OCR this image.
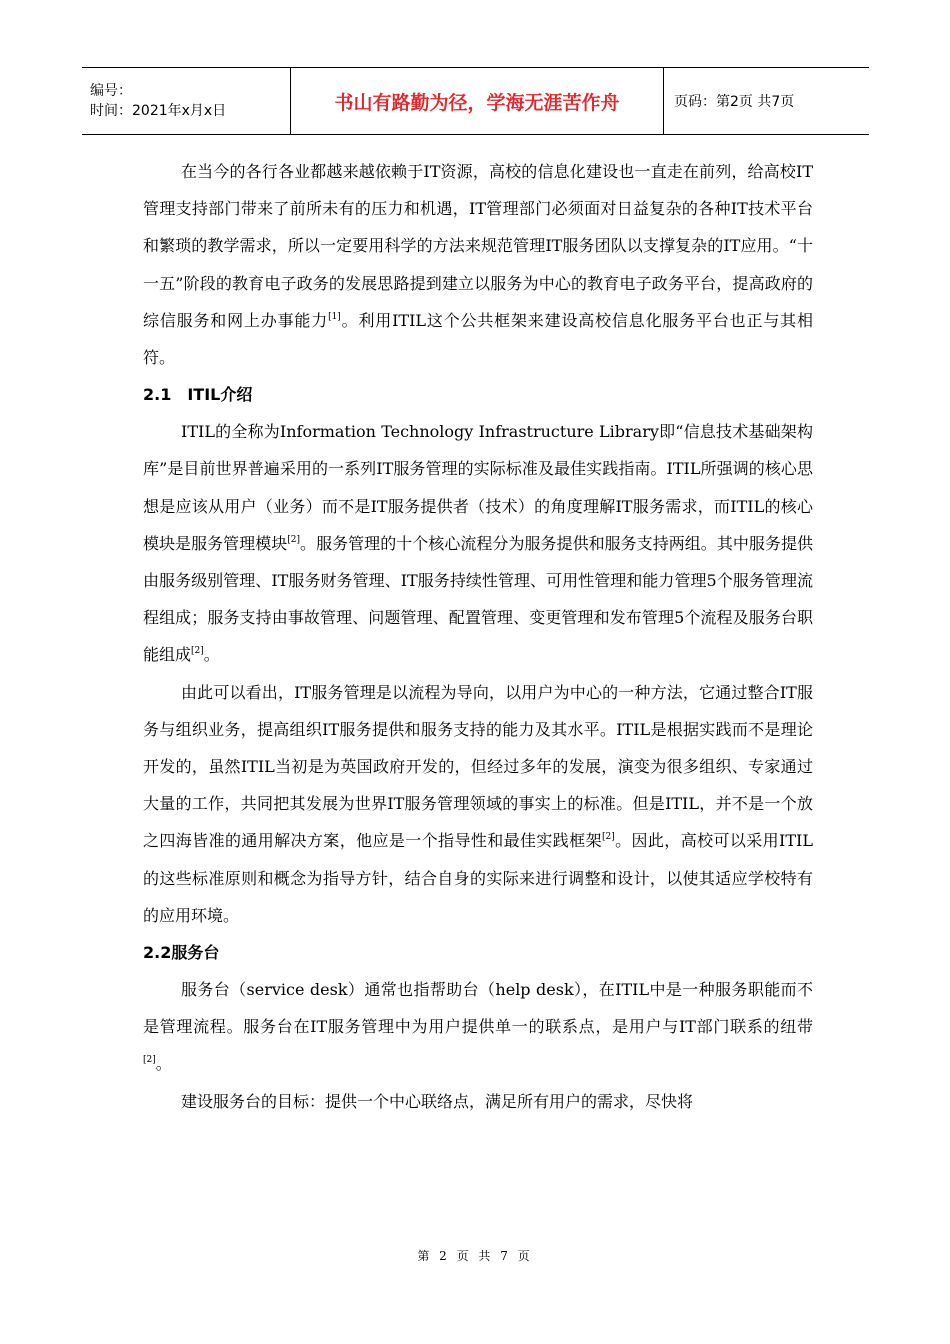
编号：
时间：2021年x月x日	书山有路勤为径，学海无涯苦作舟	页码：第2页 共7页

在当今的各行各业都越来越依赖于IT资源，高校的信息化建设也一直走在前列，给高校IT管理支持部门带来了前所未有的压力和机遇，IT管理部门必须面对日益复杂的各种IT技术平台和繁琐的教学需求，所以一定要用科学的方法来规范管理IT服务团队以支撑复杂的IT应用。“十一五”阶段的教育电子政务的发展思路提到建立以服务为中心的教育电子政务平台，提高政府的综信服务和网上办事能力[1]。利用ITIL这个公共框架来建设高校信息化服务平台也正与其相符。

2.1　ITIL介绍

ITIL的全称为Information Technology Infrastructure Library即“信息技术基础架构库”是目前世界普遍采用的一系列IT服务管理的实际标准及最佳实践指南。ITIL所强调的核心思想是应该从用户（业务）而不是IT服务提供者（技术）的角度理解IT服务需求，而ITIL的核心模块是服务管理模块[2]。服务管理的十个核心流程分为服务提供和服务支持两组。其中服务提供由服务级别管理、IT服务财务管理、IT服务持续性管理、可用性管理和能力管理5个服务管理流程组成；服务支持由事故管理、问题管理、配置管理、变更管理和发布管理5个流程及服务台职能组成[2]。

由此可以看出，IT服务管理是以流程为导向，以用户为中心的一种方法，它通过整合IT服务与组织业务，提高组织IT服务提供和服务支持的能力及其水平。ITIL是根据实践而不是理论开发的，虽然ITIL当初是为英国政府开发的，但经过多年的发展，演变为很多组织、专家通过大量的工作，共同把其发展为世界IT服务管理领域的事实上的标准。但是ITIL，并不是一个放之四海皆准的通用解决方案，他应是一个指导性和最佳实践框架[2]。因此，高校可以采用ITIL的这些标准原则和概念为指导方针，结合自身的实际来进行调整和设计，以使其适应学校特有的应用环境。

2.2服务台

服务台（service desk）通常也指帮助台（help desk），在ITIL中是一种服务职能而不是管理流程。服务台在IT服务管理中为用户提供单一的联系点，是用户与IT部门联系的纽带[2]。

建设服务台的目标：提供一个中心联络点，满足所有用户的需求，尽快将

第 2 页 共 7 页
